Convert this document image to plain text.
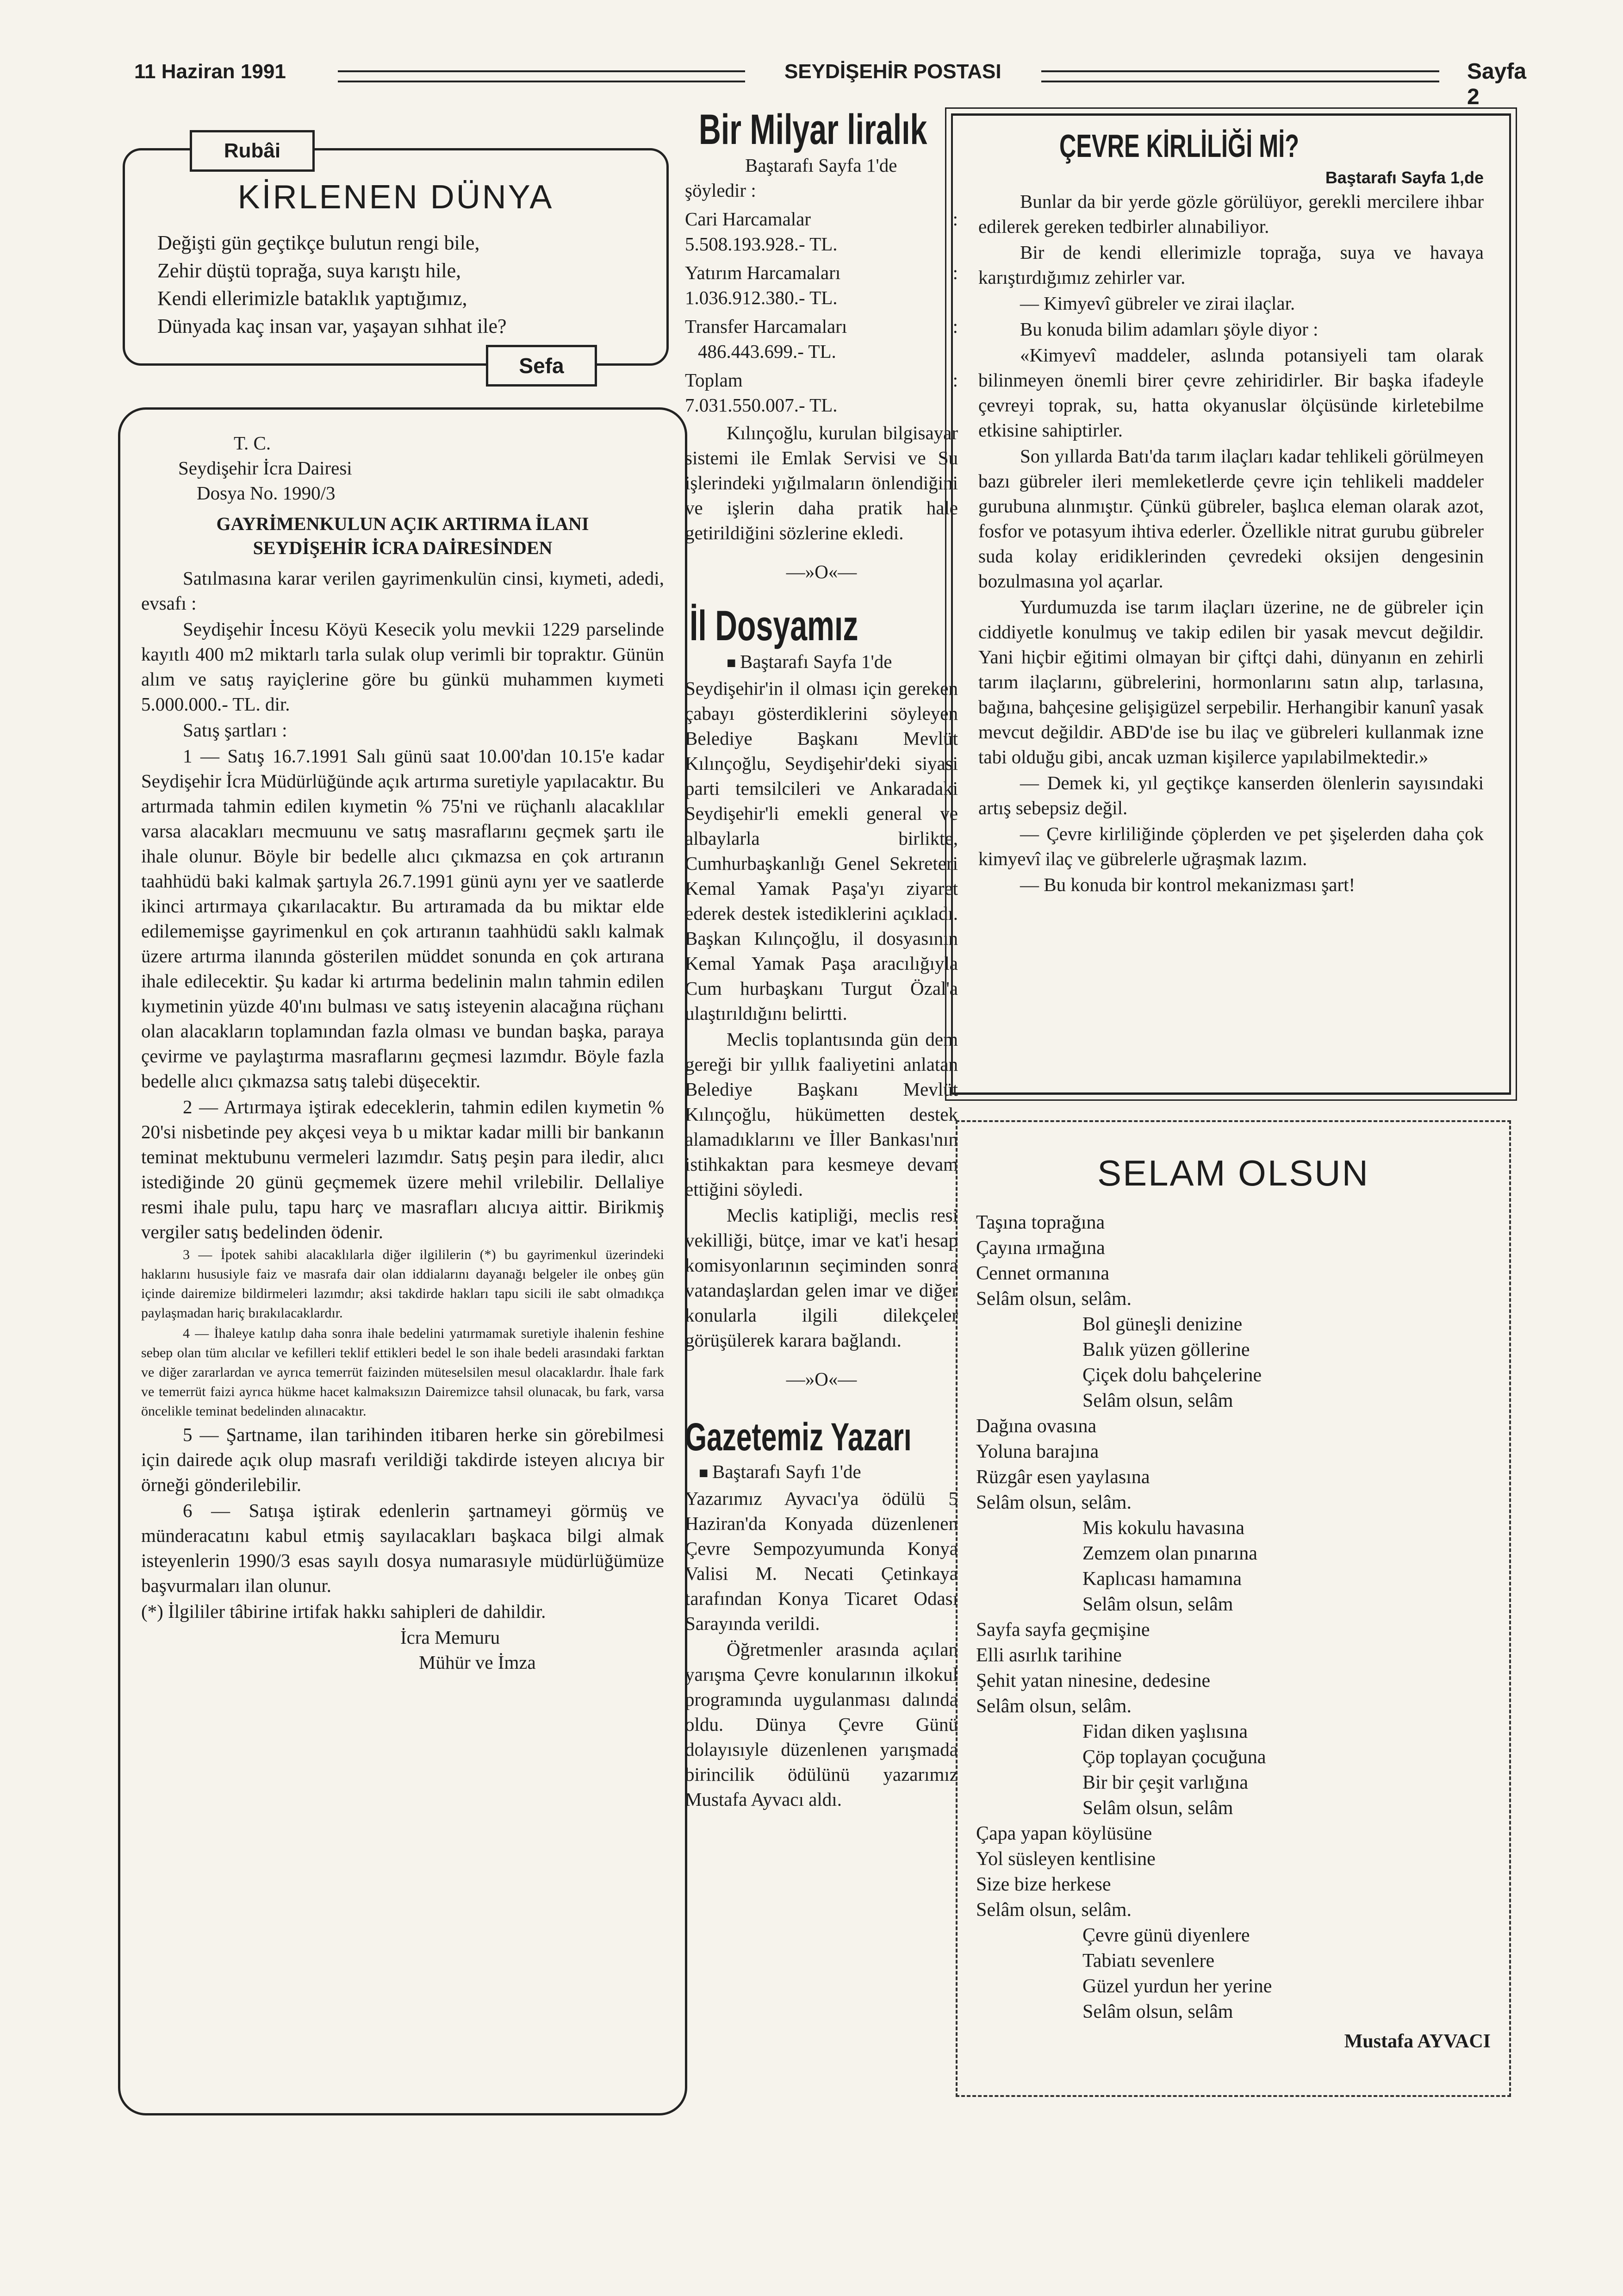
11 Haziran 1991	SEYDİŞEHİR POSTASI	Sayfa 2
Rubâi
KİRLENEN DÜNYA
Değişti gün geçtikçe bulutun rengi bile,
Zehir düştü toprağa, suya karıştı hile,
Kendi ellerimizle bataklık yaptığımız,
Dünyada kaç insan var, yaşayan sıhhat ile?
Sefa
T. C.
Seydişehir İcra Dairesi
Dosya No. 1990/3
GAYRİMENKULUN AÇIK ARTIRMA İLANI
SEYDİŞEHİR İCRA DAİRESİNDEN

Satılmasına karar verilen gayrimenkulün cinsi, kıymeti, adedi, evsafı :

Seydişehir İncesu Köyü Kesecik yolu mevkii 1229 parselinde kayıtlı 400 m2 miktarlı tarla sulak olup verimli bir topraktır. Günün alım ve satış rayiçlerine göre bu günkü muhammen kıymeti 5.000.000.- TL. dir.

Satış şartları :

1 — Satış 16.7.1991 Salı günü saat 10.00'dan 10.15'e kadar Seydişehir İcra Müdürlüğünde açık artırma suretiyle yapılacaktır. Bu artırmada tahmin edilen kıymetin % 75'ni ve rüçhanlı alacaklılar varsa alacakları mecmuunu ve satış masraflarını geçmek şartı ile ihale olunur. Böyle bir bedelle alıcı çıkmazsa en çok artıranın taahhüdü baki kalmak şartıyla 26.7.1991 günü aynı yer ve saatlerde ikinci artırmaya çıkarılacaktır. Bu artıramada da bu miktar elde edilememişse gayrimenkul en çok artıranın taahhüdü saklı kalmak üzere artırma ilanında gösterilen müddet sonunda en çok artırana ihale edilecektir. Şu kadar ki artırma bedelinin malın tahmin edilen kıymetinin yüzde 40'ını bulması ve satış isteyenin alacağına rüçhanı olan alacakların toplamından fazla olması ve bundan başka, paraya çevirme ve paylaştırma masraflarını geçmesi lazımdır. Böyle fazla bedelle alıcı çıkmazsa satış talebi düşecektir.

2 — Artırmaya iştirak edeceklerin, tahmin edilen kıymetin % 20'si nisbetinde pey akçesi veya b u miktar kadar milli bir bankanın teminat mektubunu vermeleri lazımdır. Satış peşin para iledir, alıcı istediğinde 20 günü geçmemek üzere mehil vrilebilir. Dellaliye resmi ihale pulu, tapu harç ve masrafları alıcıya aittir. Birikmiş vergiler satış bedelinden ödenir.

3 — İpotek sahibi alacaklılarla diğer ilgililerin (*) bu gayrimenkul üzerindeki haklarını hususiyle faiz ve masrafa dair olan iddialarını dayanağı belgeler ile onbeş gün içinde dairemize bildirmeleri lazımdır; aksi takdirde hakları tapu sicili ile sabt olmadıkça paylaşmadan hariç bırakılacaklardır.

4 — İhaleye katılıp daha sonra ihale bedelini yatırmamak suretiyle ihalenin feshine sebep olan tüm alıcılar ve kefilleri teklif ettikleri bedel le son ihale bedeli arasındaki farktan ve diğer zararlardan ve ayrıca temerrüt faizinden müteselsilen mesul olacaklardır. İhale fark ve temerrüt faizi ayrıca hükme hacet kalmaksızın Dairemizce tahsil olunacak, bu fark, varsa öncelikle teminat bedelinden alınacaktır.

5 — Şartname, ilan tarihinden itibaren herke sin görebilmesi için dairede açık olup masrafı verildiği takdirde isteyen alıcıya bir örneği gönderilebilir.

6 — Satışa iştirak edenlerin şartnameyi görmüş ve münderacatını kabul etmiş sayılacakları başkaca bilgi almak isteyenlerin 1990/3 esas sayılı dosya numarasıyle müdürlüğümüze başvurmaları ilan olunur.

(*) İlgililer tâbirine irtifak hakkı sahipleri de dahildir.

İcra Memuru
Mühür ve İmza
Bir Milyar liralık
Baştarafı Sayfa 1'de
şöyledir :
Cari Harcamalar	:
5.508.193.928.- TL.
Yatırım Harcamaları	:
1.036.912.380.- TL.
Transfer Harcamaları	:
486.443.699.- TL.
Toplam	:
7.031.550.007.- TL.

Kılınçoğlu, kurulan bilgisayar sistemi ile Emlak Servisi ve Su işlerindeki yığılmaların önlendiğini ve işlerin daha pratik hale getirildiğini sözlerine ekledi.

—»O«—
İl Dosyamız
■ Baştarafı Sayfa 1'de

Seydişehir'in il olması için gereken çabayı gösterdiklerini söyleyen Belediye Başkanı Mevlüt Kılınçoğlu, Seydişehir'deki siyasi parti temsilcileri ve Ankaradaki Seydişehir'li emekli general ve albaylarla birlikte, Cumhurbaşkanlığı Genel Sekreteri Kemal Yamak Paşa'yı ziyaret ederek destek istediklerini açıkladı. Başkan Kılınçoğlu, il dosyasının Kemal Yamak Paşa aracılığıyla Cum hurbaşkanı Turgut Özal'a ulaştırıldığını belirtti.

Meclis toplantısında gün dem gereği bir yıllık faaliyetini anlatan Belediye Başkanı Mevlüt Kılınçoğlu, hükümetten destek alamadıklarını ve İller Bankası'nın istihkaktan para kesmeye devam ettiğini söyledi.

Meclis katipliği, meclis resi vekilliği, bütçe, imar ve kat'i hesap komisyonlarının seçiminden sonra vatandaşlardan gelen imar ve diğer konularla ilgili dilekçeler görüşülerek karara bağlandı.

—»O«—
Gazetemiz Yazarı
■ Baştarafı Sayfı 1'de

Yazarımız Ayvacı'ya ödülü 5 Haziran'da Konyada düzenlenen Çevre Sempozyumunda Konya Valisi M. Necati Çetinkaya tarafından Konya Ticaret Odası Sarayında verildi.

Öğretmenler arasında açılan yarışma Çevre konularının ilkokul programında uygulanması dalında oldu. Dünya Çevre Günü dolayısıyle düzenlenen yarışmada birincilik ödülünü yazarımız Mustafa Ayvacı aldı.

ÇEVRE KİRLİLİĞİ Mİ?
Baştarafı Sayfa 1,de

Bunlar da bir yerde gözle görülüyor, gerekli mercilere ihbar edilerek gereken tedbirler alınabiliyor.

Bir de kendi ellerimizle toprağa, suya ve havaya karıştırdığımız zehirler var.

— Kimyevî gübreler ve zirai ilaçlar.

Bu konuda bilim adamları şöyle diyor :

«Kimyevî maddeler, aslında potansiyeli tam olarak bilinmeyen önemli birer çevre zehiridirler. Bir başka ifadeyle çevreyi toprak, su, hatta okyanuslar ölçüsünde kirletebilme etkisine sahiptirler.

Son yıllarda Batı'da tarım ilaçları kadar tehlikeli görülmeyen bazı gübreler ileri memleketlerde çevre için tehlikeli maddeler gurubuna alınmıştır. Çünkü gübreler, başlıca eleman olarak azot, fosfor ve potasyum ihtiva ederler. Özellikle nitrat gurubu gübreler suda kolay eridiklerinden çevredeki oksijen dengesinin bozulmasına yol açarlar.

Yurdumuzda ise tarım ilaçları üzerine, ne de gübreler için ciddiyetle konulmuş ve takip edilen bir yasak mevcut değildir. Yani hiçbir eğitimi olmayan bir çiftçi dahi, dünyanın en zehirli tarım ilaçlarını, gübrelerini, hormonlarını satın alıp, tarlasına, bağına, bahçesine gelişigüzel serpebilir. Herhangibir kanunî yasak mevcut değildir. ABD'de ise bu ilaç ve gübreleri kullanmak izne tabi olduğu gibi, ancak uzman kişilerce yapılabilmektedir.»

— Demek ki, yıl geçtikçe kanserden ölenlerin sayısındaki artış sebepsiz değil.

— Çevre kirliliğinde çöplerden ve pet şişelerden daha çok kimyevî ilaç ve gübrelerle uğraşmak lazım.

— Bu konuda bir kontrol mekanizması şart!

SELAM OLSUN

Taşına toprağına

Çayına ırmağına

Cennet ormanına

Selâm olsun, selâm.

Bol güneşli denizine

Balık yüzen göllerine

Çiçek dolu bahçelerine

Selâm olsun, selâm

Dağına ovasına

Yoluna barajına

Rüzgâr esen yaylasına

Selâm olsun, selâm.

Mis kokulu havasına

Zemzem olan pınarına

Kaplıcası hamamına

Selâm olsun, selâm

Sayfa sayfa geçmişine

Elli asırlık tarihine

Şehit yatan ninesine, dedesine

Selâm olsun, selâm.

Fidan diken yaşlısına

Çöp toplayan çocuğuna

Bir bir çeşit varlığına

Selâm olsun, selâm

Çapa yapan köylüsüne

Yol süsleyen kentlisine

Size bize herkese

Selâm olsun, selâm.

Çevre günü diyenlere

Tabiatı sevenlere

Güzel yurdun her yerine

Selâm olsun, selâm

Mustafa AYVACI
